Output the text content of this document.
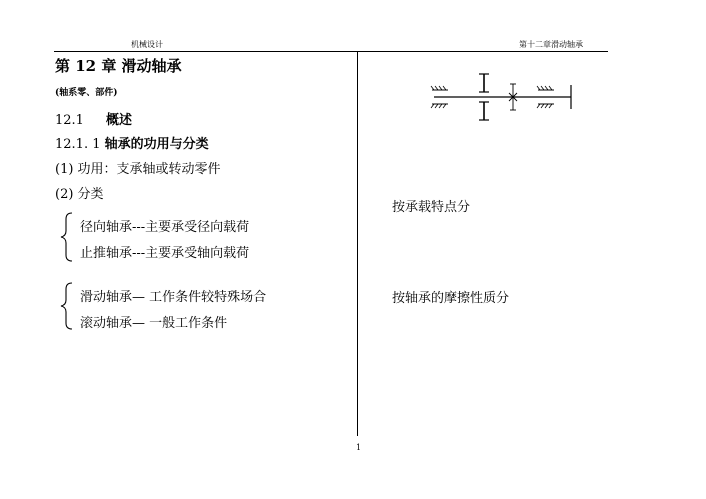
机械设计	第十二章滑动轴承
第 12 章 滑动轴承
(轴系零、部件)
12.1 概述
12.1. 1 轴承的功用与分类
(1) 功用：支承轴或转动零件
(2) 分类
径向轴承---主要承受径向载荷
止推轴承---主要承受轴向载荷
滑动轴承— 工作条件较特殊场合
滚动轴承— 一般工作条件
按承载特点分
按轴承的摩擦性质分
1
